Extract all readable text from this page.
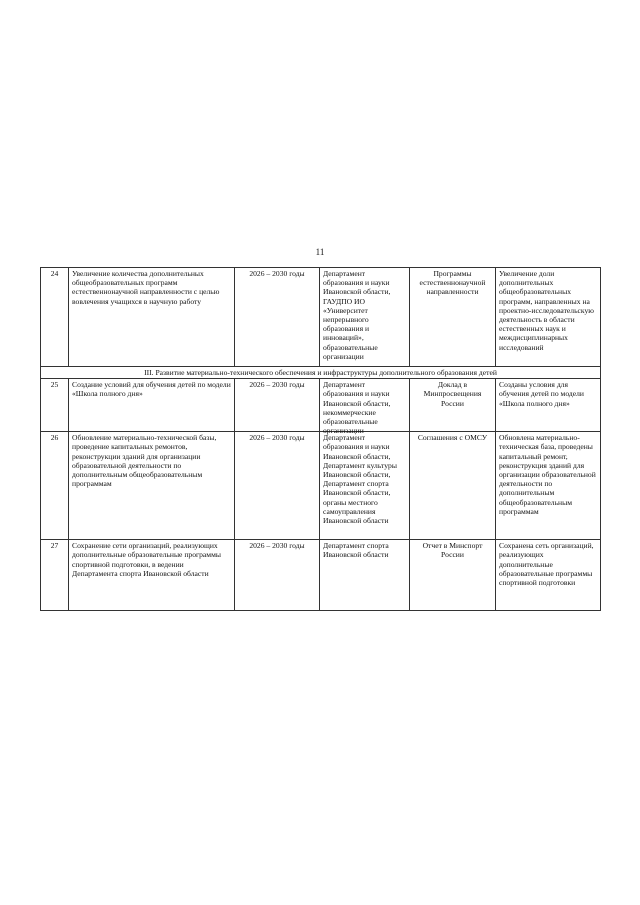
11
24	Увеличение количества дополнительных общеобразовательных программ естественнонаучной направленности с целью вовлечения учащихся в научную работу	2026 – 2030 годы	Департамент образования и науки Ивановской области, ГАУДПО ИО «Университет непрерывного образования и инноваций», образовательные организации	Программы естественнонаучной направленности	Увеличение доли дополнительных общеобразовательных программ, направленных на проектно-исследовательскую деятельность в области естественных наук и междисциплинарных исследований

III. Развитие материально-технического обеспечения и инфраструктуры дополнительного образования детей					

25	Создание условий для обучения детей по модели «Школа полного дня»	2026 – 2030 годы	Департамент образования и науки Ивановской области, некоммерческие образовательные организации	Доклад в Минпросвещения России	Созданы условия для обучения детей по модели «Школа полного дня»

26	Обновление материально-технической базы, проведение капитальных ремонтов, реконструкции зданий для организации образовательной деятельности по дополнительным общеобразовательным программам	2026 – 2030 годы	Департамент образования и науки Ивановской области, Департамент культуры Ивановской области, Департамент спорта Ивановской области, органы местного самоуправления Ивановской области	Соглашения с ОМСУ	Обновлена материально-техническая база, проведены капитальный ремонт, реконструкция зданий для организации образовательной деятельности по дополнительным общеобразовательным программам

27	Сохранение сети организаций, реализующих дополнительные образовательные программы спортивной подготовки, в ведении Департамента спорта Ивановской области	2026 – 2030 годы	Департамент спорта Ивановской области	Отчет в Минспорт России	Сохранена сеть организаций, реализующих дополнительные образовательные программы спортивной подготовки
